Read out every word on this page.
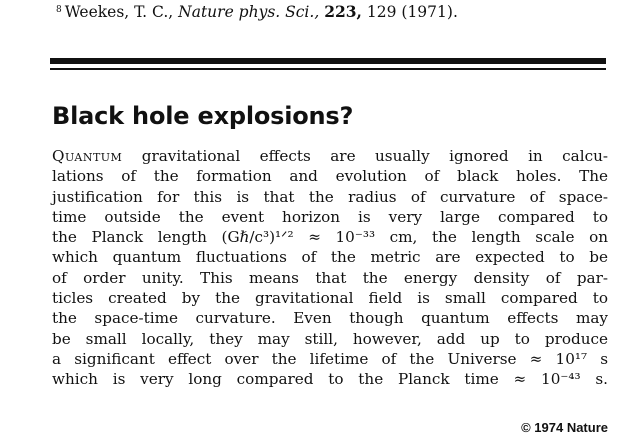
$^8$ Weekes, T. C., Nature phys. Sci., 223, 129 (1971).
Black hole explosions?
Quantum gravitational effects are usually ignored in calcu-
lations of the formation and evolution of black holes. The
justification for this is that the radius of curvature of space-
time outside the event horizon is very large compared to
the Planck length (Gℏ/c³)¹ᐟ² ≈ 10⁻³³ cm, the length scale on
which quantum fluctuations of the metric are expected to be
of order unity. This means that the energy density of par-
ticles created by the gravitational field is small compared to
the space-time curvature. Even though quantum effects may
be small locally, they may still, however, add up to produce
a significant effect over the lifetime of the Universe ≈ 10¹⁷ s
which is very long compared to the Planck time ≈ 10⁻⁴³ s.
© 1974 Nature
